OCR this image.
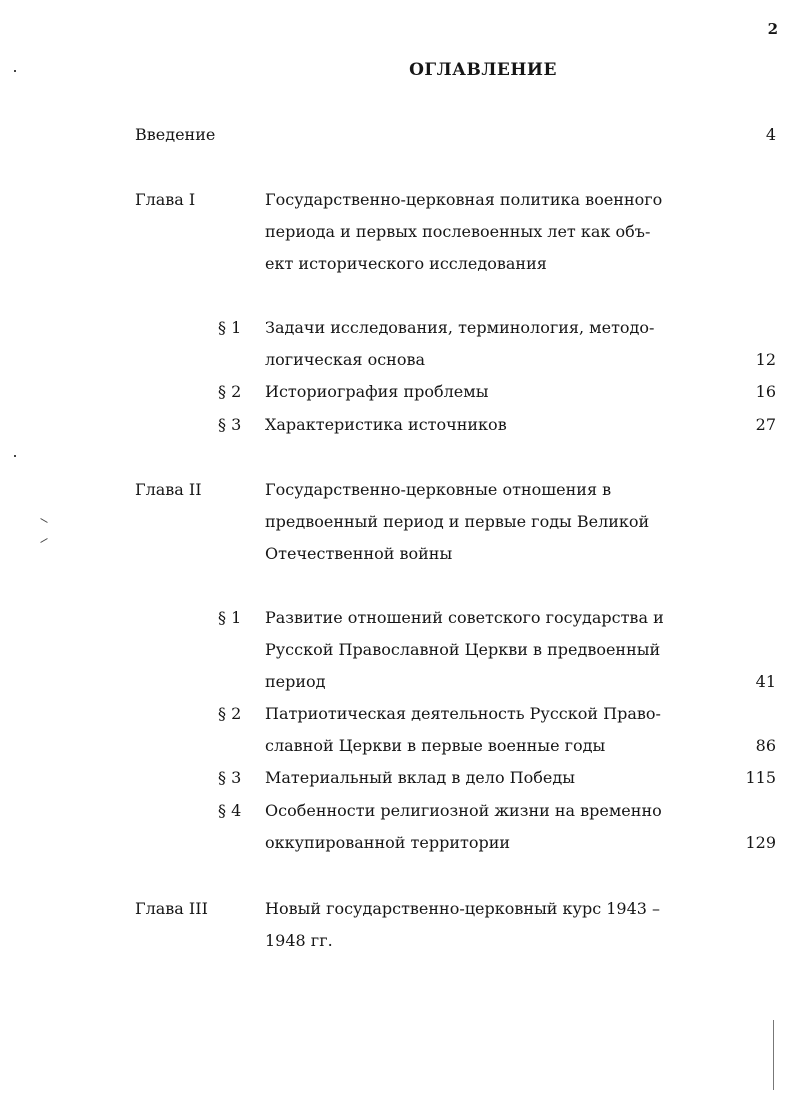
2
ОГЛАВЛЕНИЕ
Введение	4
Глава I	Государственно-церковная политика военного
периода и первых послевоенных лет как объ-
ект исторического исследования
§ 1 Задачи исследования, терминология, методо-
логическая основа	12
§ 2 Историография проблемы	16
§ 3 Характеристика источников	27
Глава II	Государственно-церковные отношения в
предвоенный период и первые годы Великой
Отечественной войны
§ 1 Развитие отношений советского государства и
Русской Православной Церкви в предвоенный
период	41
§ 2 Патриотическая деятельность Русской Право-
славной Церкви в первые военные годы	86
§ 3 Материальный вклад в дело Победы	115
§ 4 Особенности религиозной жизни на временно
оккупированной территории	129
Глава III	Новый государственно-церковный курс 1943 –
1948 гг.
